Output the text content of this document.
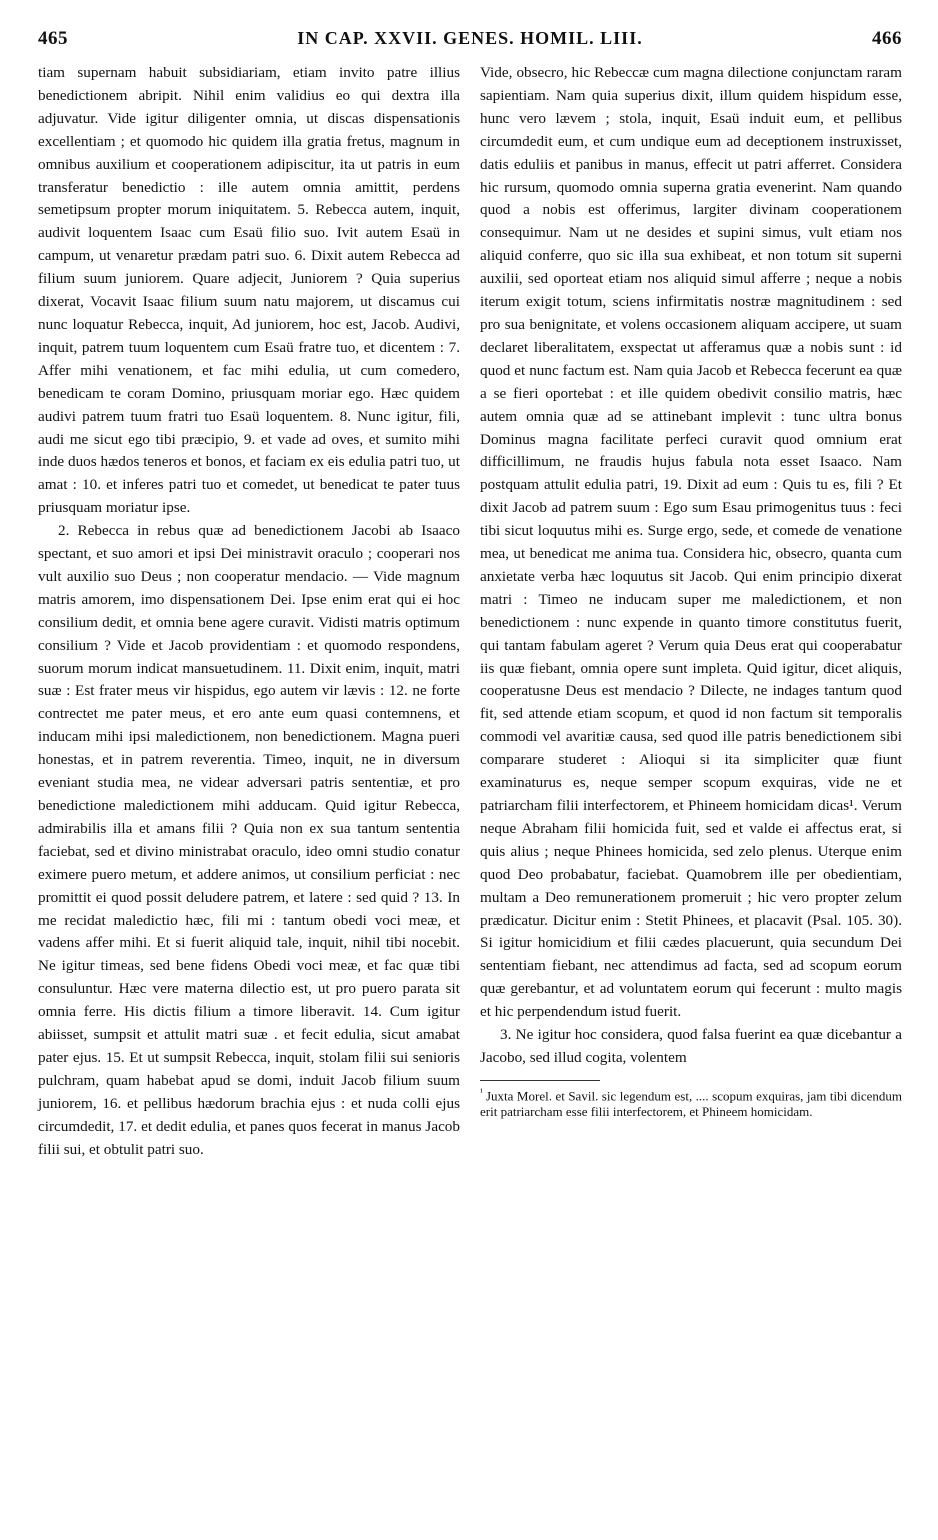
465	IN CAP. XXVII. GENES. HOMIL. LIII.	466

tiam supernam habuit subsidiariam, etiam invito patre illius benedictionem abripit. Nihil enim validius eo qui dextra illa adjuvatur. Vide igitur diligenter omnia, ut discas dispensationis excellentiam ; et quomodo hic quidem illa gratia fretus, magnum in omnibus auxilium et cooperationem adipiscitur, ita ut patris in eum transferatur benedictio : ille autem omnia amittit, perdens semetipsum propter morum iniquitatem. 5. Rebecca autem, inquit, audivit loquentem Isaac cum Esaü filio suo. Ivit autem Esaü in campum, ut venaretur prædam patri suo. 6. Dixit autem Rebecca ad filium suum juniorem. Quare adjecit, Juniorem ? Quia superius dixerat, Vocavit Isaac filium suum natu majorem, ut discamus cui nunc loquatur Rebecca, inquit, Ad juniorem, hoc est, Jacob. Audivi, inquit, patrem tuum loquentem cum Esaü fratre tuo, et dicentem : 7. Affer mihi venationem, et fac mihi edulia, ut cum comedero, benedicam te coram Domino, priusquam moriar ego. Hæc quidem audivi patrem tuum fratri tuo Esaü loquentem. 8. Nunc igitur, fili, audi me sicut ego tibi præcipio, 9. et vade ad oves, et sumito mihi inde duos hædos teneros et bonos, et faciam ex eis edulia patri tuo, ut amat : 10. et inferes patri tuo et comedet, ut benedicat te pater tuus priusquam moriatur ipse.

2. Rebecca in rebus quæ ad benedictionem Jacobi ab Isaaco spectant, et suo amori et ipsi Dei ministravit oraculo ; cooperari nos vult auxilio suo Deus ; non cooperatur mendacio. — Vide magnum matris amorem, imo dispensationem Dei. Ipse enim erat qui ei hoc consilium dedit, et omnia bene agere curavit. Vidisti matris optimum consilium ? Vide et Jacob providentiam : et quomodo respondens, suorum morum indicat mansuetudinem. 11. Dixit enim, inquit, matri suæ : Est frater meus vir hispidus, ego autem vir lævis : 12. ne forte contrectet me pater meus, et ero ante eum quasi contemnens, et inducam mihi ipsi maledictionem, non benedictionem. Magna pueri honestas, et in patrem reverentia. Timeo, inquit, ne in diversum eveniant studia mea, ne videar adversari patris sententiæ, et pro benedictione maledictionem mihi adducam. Quid igitur Rebecca, admirabilis illa et amans filii ? Quia non ex sua tantum sententia faciebat, sed et divino ministrabat oraculo, ideo omni studio conatur eximere puero metum, et addere animos, ut consilium perficiat : nec promittit ei quod possit deludere patrem, et latere : sed quid ? 13. In me recidat maledictio hæc, fili mi : tantum obedi voci meæ, et vadens affer mihi. Et si fuerit aliquid tale, inquit, nihil tibi nocebit. Ne igitur timeas, sed bene fidens Obedi voci meæ, et fac quæ tibi consuluntur. Hæc vere materna dilectio est, ut pro puero parata sit omnia ferre. His dictis filium a timore liberavit. 14. Cum igitur abiisset, sumpsit et attulit matri suæ . et fecit edulia, sicut amabat pater ejus. 15. Et ut sumpsit Rebecca, inquit, stolam filii sui senioris pulchram, quam habebat apud se domi, induit Jacob filium suum juniorem, 16. et pellibus hædorum brachia ejus : et nuda colli ejus circumdedit, 17. et dedit edulia, et panes quos fecerat in manus Jacob filii sui, et obtulit patri suo.

Vide, obsecro, hic Rebeccæ cum magna dilectione conjunctam raram sapientiam. Nam quia superius dixit, illum quidem hispidum esse, hunc vero lævem ; stola, inquit, Esaü induit eum, et pellibus circumdedit eum, et cum undique eum ad deceptionem instruxisset, datis eduliis et panibus in manus, effecit ut patri afferret. Considera hic rursum, quomodo omnia superna gratia evenerint. Nam quando quod a nobis est offerimus, largiter divinam cooperationem consequimur. Nam ut ne desides et supini simus, vult etiam nos aliquid conferre, quo sic illa sua exhibeat, et non totum sit superni auxilii, sed oporteat etiam nos aliquid simul afferre ; neque a nobis iterum exigit totum, sciens infirmitatis nostræ magnitudinem : sed pro sua benignitate, et volens occasionem aliquam accipere, ut suam declaret liberalitatem, exspectat ut afferamus quæ a nobis sunt : id quod et nunc factum est. Nam quia Jacob et Rebecca fecerunt ea quæ a se fieri oportebat : et ille quidem obedivit consilio matris, hæc autem omnia quæ ad se attinebant implevit : tunc ultra bonus Dominus magna facilitate perfeci curavit quod omnium erat difficillimum, ne fraudis hujus fabula nota esset Isaaco. Nam postquam attulit edulia patri, 19. Dixit ad eum : Quis tu es, fili ? Et dixit Jacob ad patrem suum : Ego sum Esau primogenitus tuus : feci tibi sicut loquutus mihi es. Surge ergo, sede, et comede de venatione mea, ut benedicat me anima tua. Considera hic, obsecro, quanta cum anxietate verba hæc loquutus sit Jacob. Qui enim principio dixerat matri : Timeo ne inducam super me maledictionem, et non benedictionem : nunc expende in quanto timore constitutus fuerit, qui tantam fabulam ageret ? Verum quia Deus erat qui cooperabatur iis quæ fiebant, omnia opere sunt impleta. Quid igitur, dicet aliquis, cooperatusne Deus est mendacio ? Dilecte, ne indages tantum quod fit, sed attende etiam scopum, et quod id non factum sit temporalis commodi vel avaritiæ causa, sed quod ille patris benedictionem sibi comparare studeret : Alioqui si ita simpliciter quæ fiunt examinaturus es, neque semper scopum exquiras, vide ne et patriarcham filii interfectorem, et Phineem homicidam dicas¹. Verum neque Abraham filii homicida fuit, sed et valde ei affectus erat, si quis alius ; neque Phinees homicida, sed zelo plenus. Uterque enim quod Deo probabatur, faciebat. Quamobrem ille per obedientiam, multam a Deo remunerationem promeruit ; hic vero propter zelum prædicatur. Dicitur enim : Stetit Phinees, et placavit (Psal. 105. 30). Si igitur homicidium et filii cædes placuerunt, quia secundum Dei sententiam fiebant, nec attendimus ad facta, sed ad scopum eorum quæ gerebantur, et ad voluntatem eorum qui fecerunt : multo magis et hic perpendendum istud fuerit.

3. Ne igitur hoc considera, quod falsa fuerint ea quæ dicebantur a Jacobo, sed illud cogita, volentem

$^{^1}$ Juxta Morel. et Savil. sic legendum est, .... scopum exquiras, jam tibi dicendum erit patriarcham esse filii interfectorem, et Phineem homicidam.
